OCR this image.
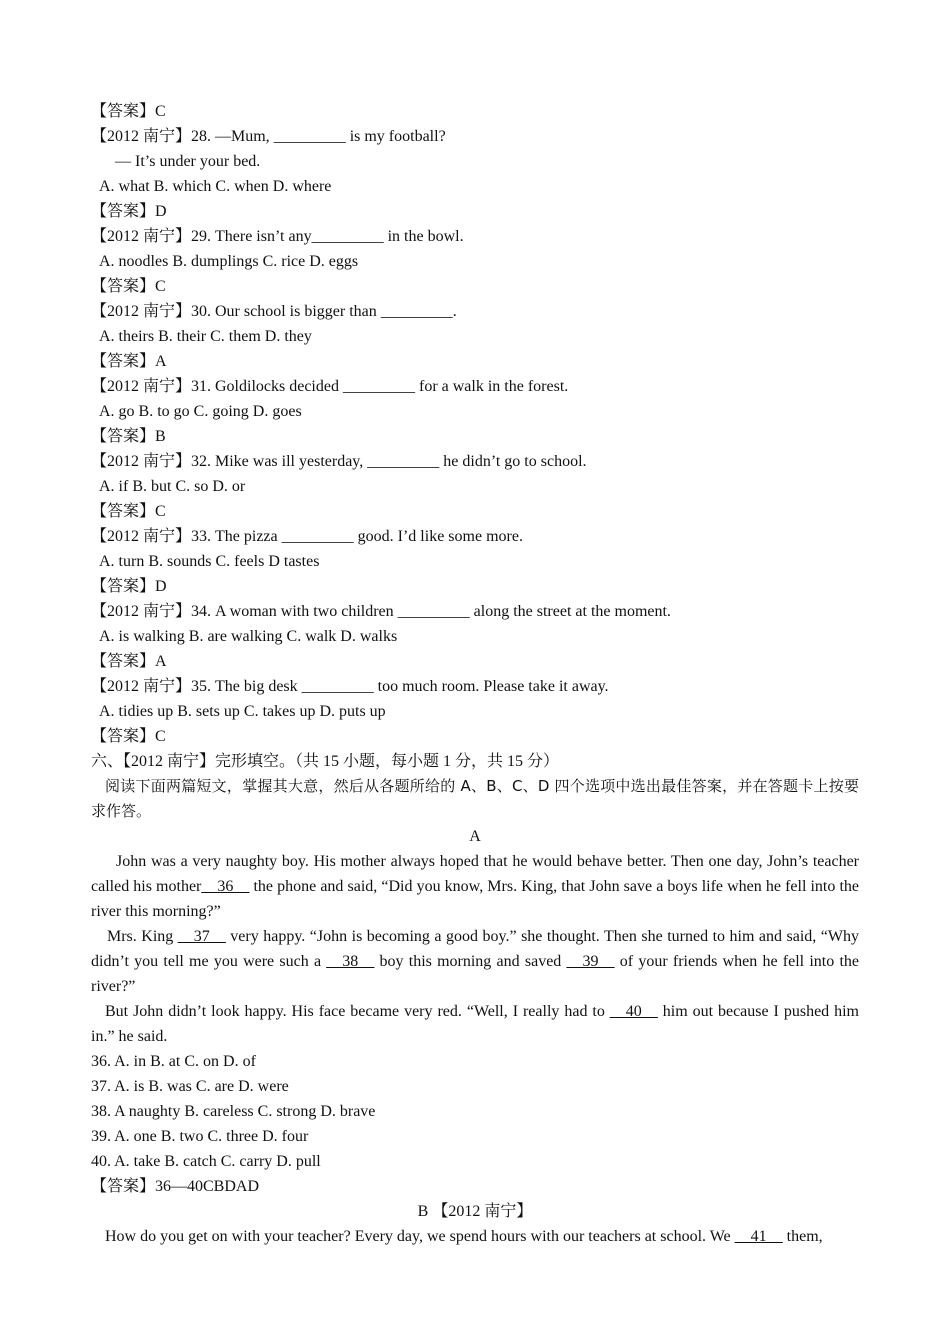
【答案】C
【2012 南宁】28. —Mum, _________ is my football?
— It’s under your bed.
A. what B. which C. when D. where
【答案】D
【2012 南宁】29. There isn’t any_________ in the bowl.
A. noodles B. dumplings C. rice D. eggs
【答案】C
【2012 南宁】30. Our school is bigger than _________.
A. theirs B. their C. them D. they
【答案】A
【2012 南宁】31. Goldilocks decided _________ for a walk in the forest.
A. go B. to go C. going D. goes
【答案】B
【2012 南宁】32. Mike was ill yesterday, _________ he didn’t go to school.
A. if B. but C. so D. or
【答案】C
【2012 南宁】33. The pizza _________ good. I’d like some more.
A. turn B. sounds C. feels D tastes
【答案】D
【2012 南宁】34. A woman with two children _________ along the street at the moment.
A. is walking B. are walking C. walk D. walks
【答案】A
【2012 南宁】35. The big desk _________ too much room. Please take it away.
A. tidies up B. sets up C. takes up D. puts up
【答案】C
六、【2012 南宁】完形填空。（共 15 小题，每小题 1 分，共 15 分）
阅读下面两篇短文，掌握其大意，然后从各题所给的 A、B、C、D 四个选项中选出最佳答案，并在答题卡上按要求作答。
A
John was a very naughty boy. His mother always hoped that he would behave better. Then one day, John’s teacher called his mother__36__ the phone and said, “Did you know, Mrs. King, that John save a boys life when he fell into the river this morning?”
Mrs. King __37__ very happy. “John is becoming a good boy.” she thought. Then she turned to him and said, “Why didn’t you tell me you were such a __38__ boy this morning and saved __39__ of your friends when he fell into the river?”
But John didn’t look happy. His face became very red. “Well, I really had to __40__ him out because I pushed him in.” he said.
36. A. in B. at C. on D. of
37. A. is B. was C. are D. were
38. A naughty B. careless C. strong D. brave
39. A. one B. two C. three D. four
40. A. take B. catch C. carry D. pull
【答案】36—40CBDAD
B 【2012 南宁】
How do you get on with your teacher? Every day, we spend hours with our teachers at school. We __41__ them,
